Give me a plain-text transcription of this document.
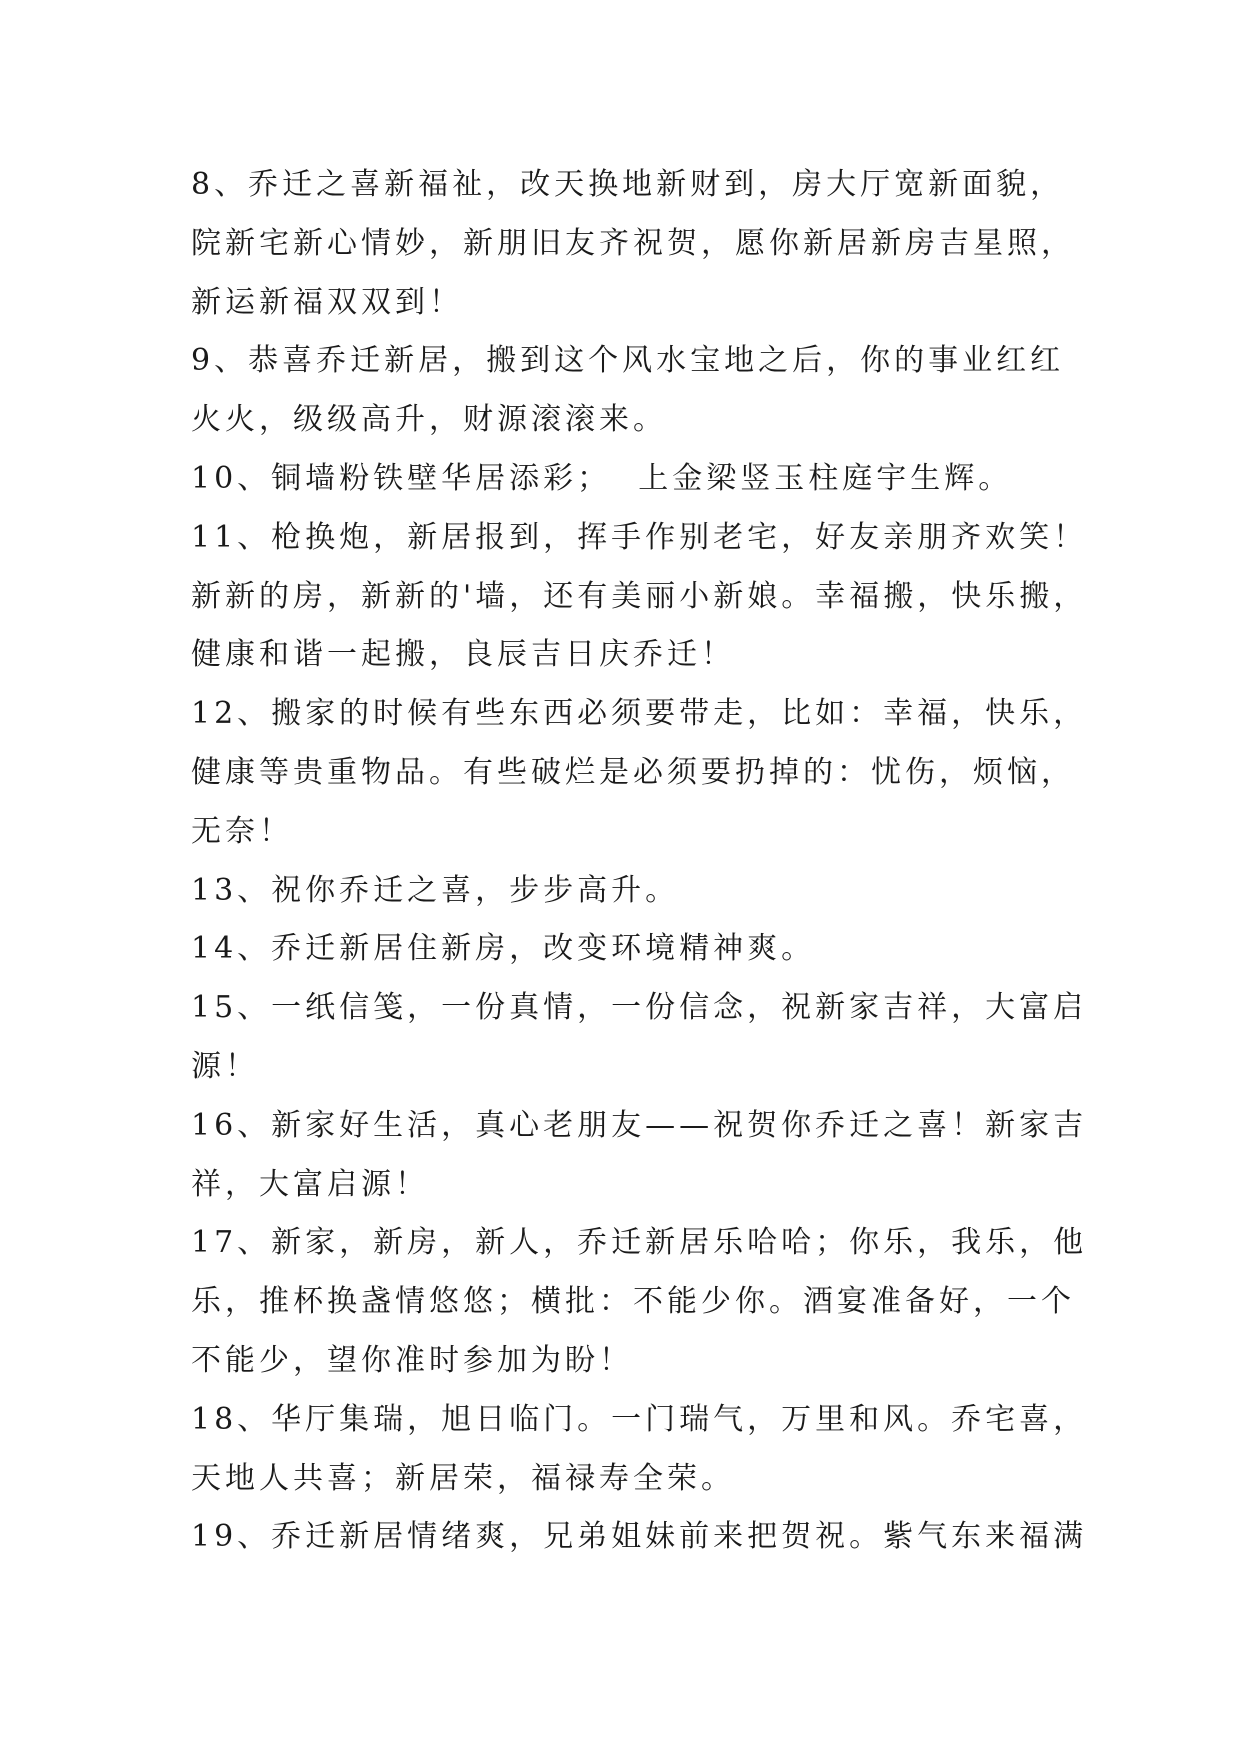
8、乔迁之喜新福祉，改天换地新财到，房大厅宽新面貌，
院新宅新心情妙，新朋旧友齐祝贺，愿你新居新房吉星照，
新运新福双双到！
9、恭喜乔迁新居，搬到这个风水宝地之后，你的事业红红
火火，级级高升，财源滚滚来。
10、铜墙粉铁壁华居添彩；  上金梁竖玉柱庭宇生辉。
11、枪换炮，新居报到，挥手作别老宅，好友亲朋齐欢笑！
新新的房，新新的'墙，还有美丽小新娘。幸福搬，快乐搬，
健康和谐一起搬，良辰吉日庆乔迁！
12、搬家的时候有些东西必须要带走，比如：幸福，快乐，
健康等贵重物品。有些破烂是必须要扔掉的：忧伤，烦恼，
无奈！
13、祝你乔迁之喜，步步高升。
14、乔迁新居住新房，改变环境精神爽。
15、一纸信笺，一份真情，一份信念，祝新家吉祥，大富启
源！
16、新家好生活，真心老朋友——祝贺你乔迁之喜！新家吉
祥，大富启源！
17、新家，新房，新人，乔迁新居乐哈哈；你乐，我乐，他
乐，推杯换盏情悠悠；横批：不能少你。酒宴准备好，一个
不能少，望你准时参加为盼！
18、华厅集瑞，旭日临门。一门瑞气，万里和风。乔宅喜，
天地人共喜；新居荣，福禄寿全荣。
19、乔迁新居情绪爽，兄弟姐妹前来把贺祝。紫气东来福满
